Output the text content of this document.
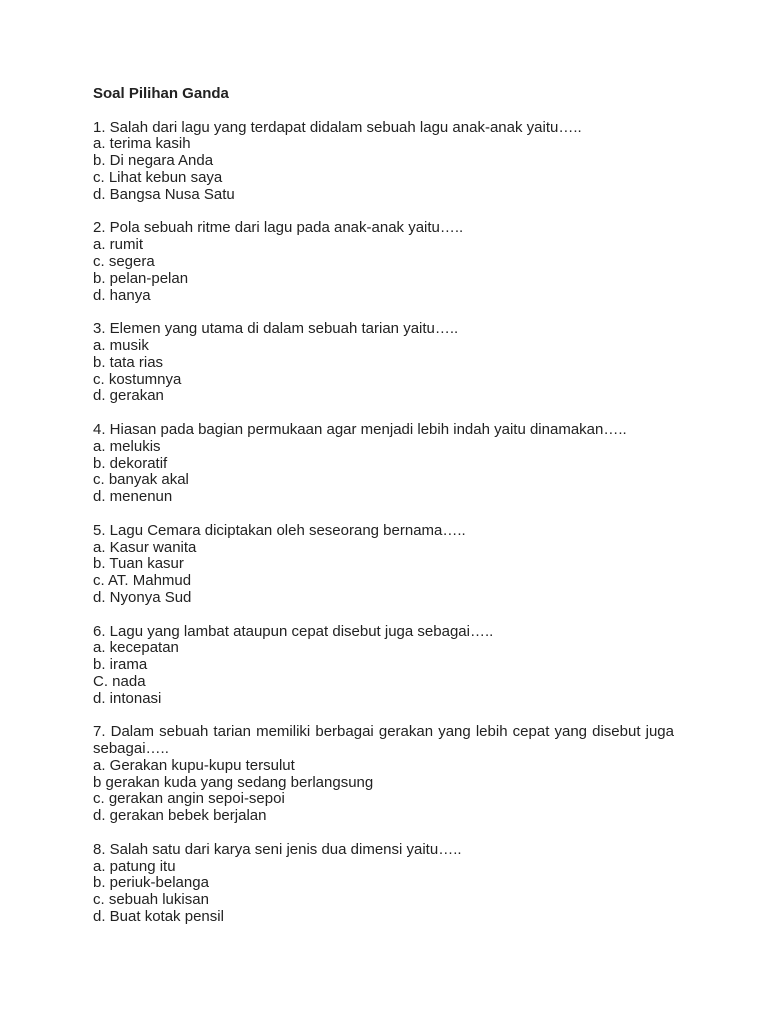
Soal Pilihan Ganda
1. Salah dari lagu yang terdapat didalam sebuah lagu anak-anak yaitu…..
a. terima kasih
b. Di negara Anda
c. Lihat kebun saya
d. Bangsa Nusa Satu
2. Pola sebuah ritme dari lagu pada anak-anak yaitu…..
a. rumit
c. segera
b. pelan-pelan
d. hanya
3. Elemen yang utama di dalam sebuah tarian yaitu…..
a. musik
b. tata rias
c. kostumnya
d. gerakan
4. Hiasan pada bagian permukaan agar menjadi lebih indah yaitu dinamakan…..
a. melukis
b. dekoratif
c. banyak akal
d. menenun
5. Lagu Cemara diciptakan oleh seseorang bernama…..
a. Kasur wanita
b. Tuan kasur
c. AT. Mahmud
d. Nyonya Sud
6. Lagu yang lambat ataupun cepat disebut juga sebagai…..
a. kecepatan
b. irama
C. nada
d. intonasi
7. Dalam sebuah tarian memiliki berbagai gerakan yang lebih cepat yang disebut juga sebagai…..
a. Gerakan kupu-kupu tersulut
b gerakan kuda yang sedang berlangsung
c. gerakan angin sepoi-sepoi
d. gerakan bebek berjalan
8. Salah satu dari karya seni jenis dua dimensi yaitu…..
a. patung itu
b. periuk-belanga
c. sebuah lukisan
d. Buat kotak pensil
